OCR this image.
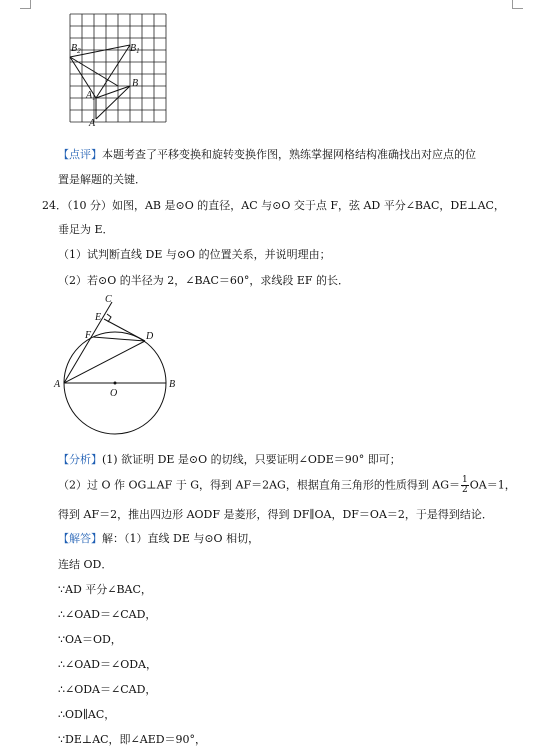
$B_2$	$B_1$
B
$A_1$
A
【点评】本题考查了平移变换和旋转变换作图，熟练掌握网格结构准确找出对应点的位
置是解题的关键．
24．（10 分）如图，AB 是⊙O 的直径，AC 与⊙O 交于点 F，弦 AD 平分∠BAC，DE⊥AC，
垂足为 E．
（1）试判断直线 DE 与⊙O 的位置关系，并说明理由；
（2）若⊙O 的半径为 2，∠BAC＝60°，求线段 EF 的长．
C
E
F	D
A	B
O
【分析】(1) 欲证明 DE 是⊙O 的切线，只要证明∠ODE＝90° 即可；
（2）过 O 作 OG⊥AF 于 G，得到 AF＝2AG，根据直角三角形的性质得到 $AG= \frac{1}{2} OA=1$，
得到 AF＝2，推出四边形 AODF 是菱形，得到 DF∥OA，DF＝OA＝2，于是得到结论．
【解答】解：（1）直线 DE 与⊙O 相切，
连结 OD．
∵AD 平分∠BAC，
∴∠OAD＝∠CAD，
∵OA＝OD，
∴∠OAD＝∠ODA，
∴∠ODA＝∠CAD，
∴OD∥AC，
∵DE⊥AC，即∠AED＝90°，
